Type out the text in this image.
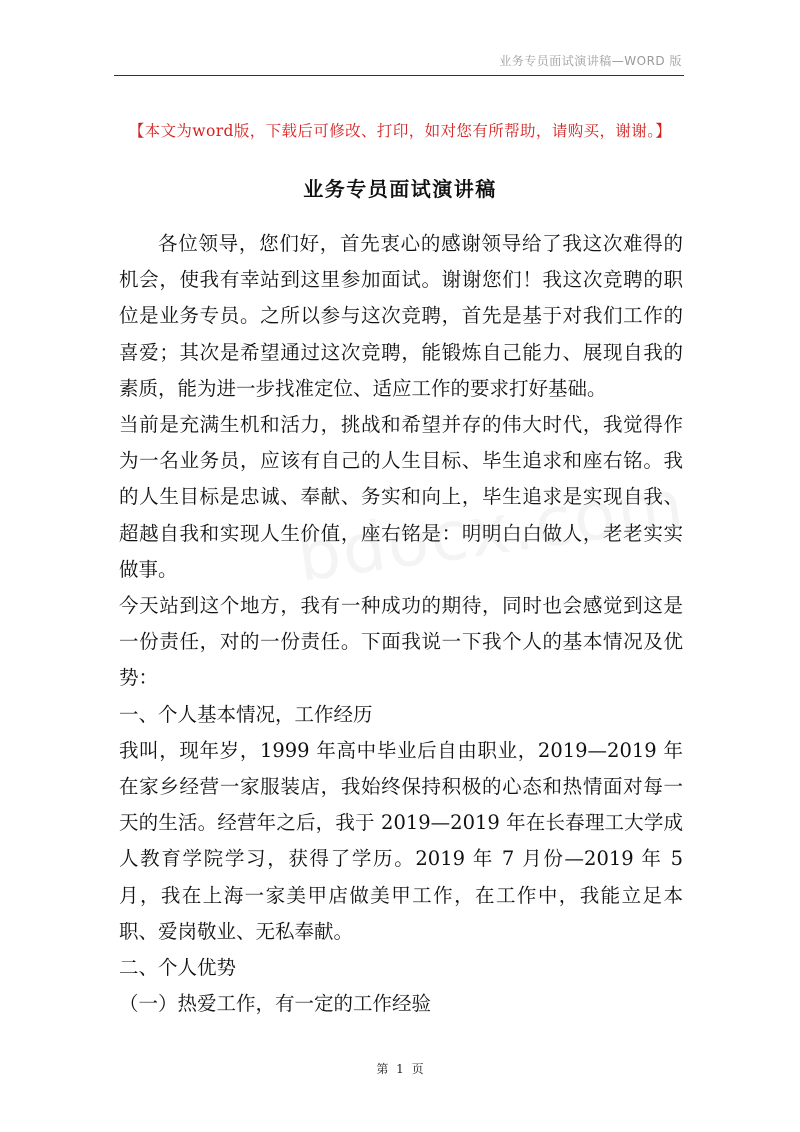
业务专员面试演讲稿—WORD 版
【本文为word版，下载后可修改、打印，如对您有所帮助，请购买，谢谢。】
业务专员面试演讲稿

各位领导，您们好，首先衷心的感谢领导给了我这次难得的机会，使我有幸站到这里参加面试。谢谢您们！我这次竞聘的职位是业务专员。之所以参与这次竞聘，首先是基于对我们工作的喜爱；其次是希望通过这次竞聘，能锻炼自己能力、展现自我的素质，能为进一步找准定位、适应工作的要求打好基础。

当前是充满生机和活力，挑战和希望并存的伟大时代，我觉得作为一名业务员，应该有自己的人生目标、毕生追求和座右铭。我的人生目标是忠诚、奉献、务实和向上，毕生追求是实现自我、超越自我和实现人生价值，座右铭是：明明白白做人，老老实实做事。

今天站到这个地方，我有一种成功的期待，同时也会感觉到这是一份责任，对的一份责任。下面我说一下我个人的基本情况及优势：

一、个人基本情况，工作经历

我叫，现年岁，1999 年高中毕业后自由职业，2019—2019 年在家乡经营一家服装店，我始终保持积极的心态和热情面对每一天的生活。经营年之后，我于 2019—2019 年在长春理工大学成人教育学院学习，获得了学历。2019 年 7 月份—2019 年 5 月，我在上海一家美甲店做美甲工作，在工作中，我能立足本职、爱岗敬业、无私奉献。

二、个人优势

（一）热爱工作，有一定的工作经验

第 1 页
